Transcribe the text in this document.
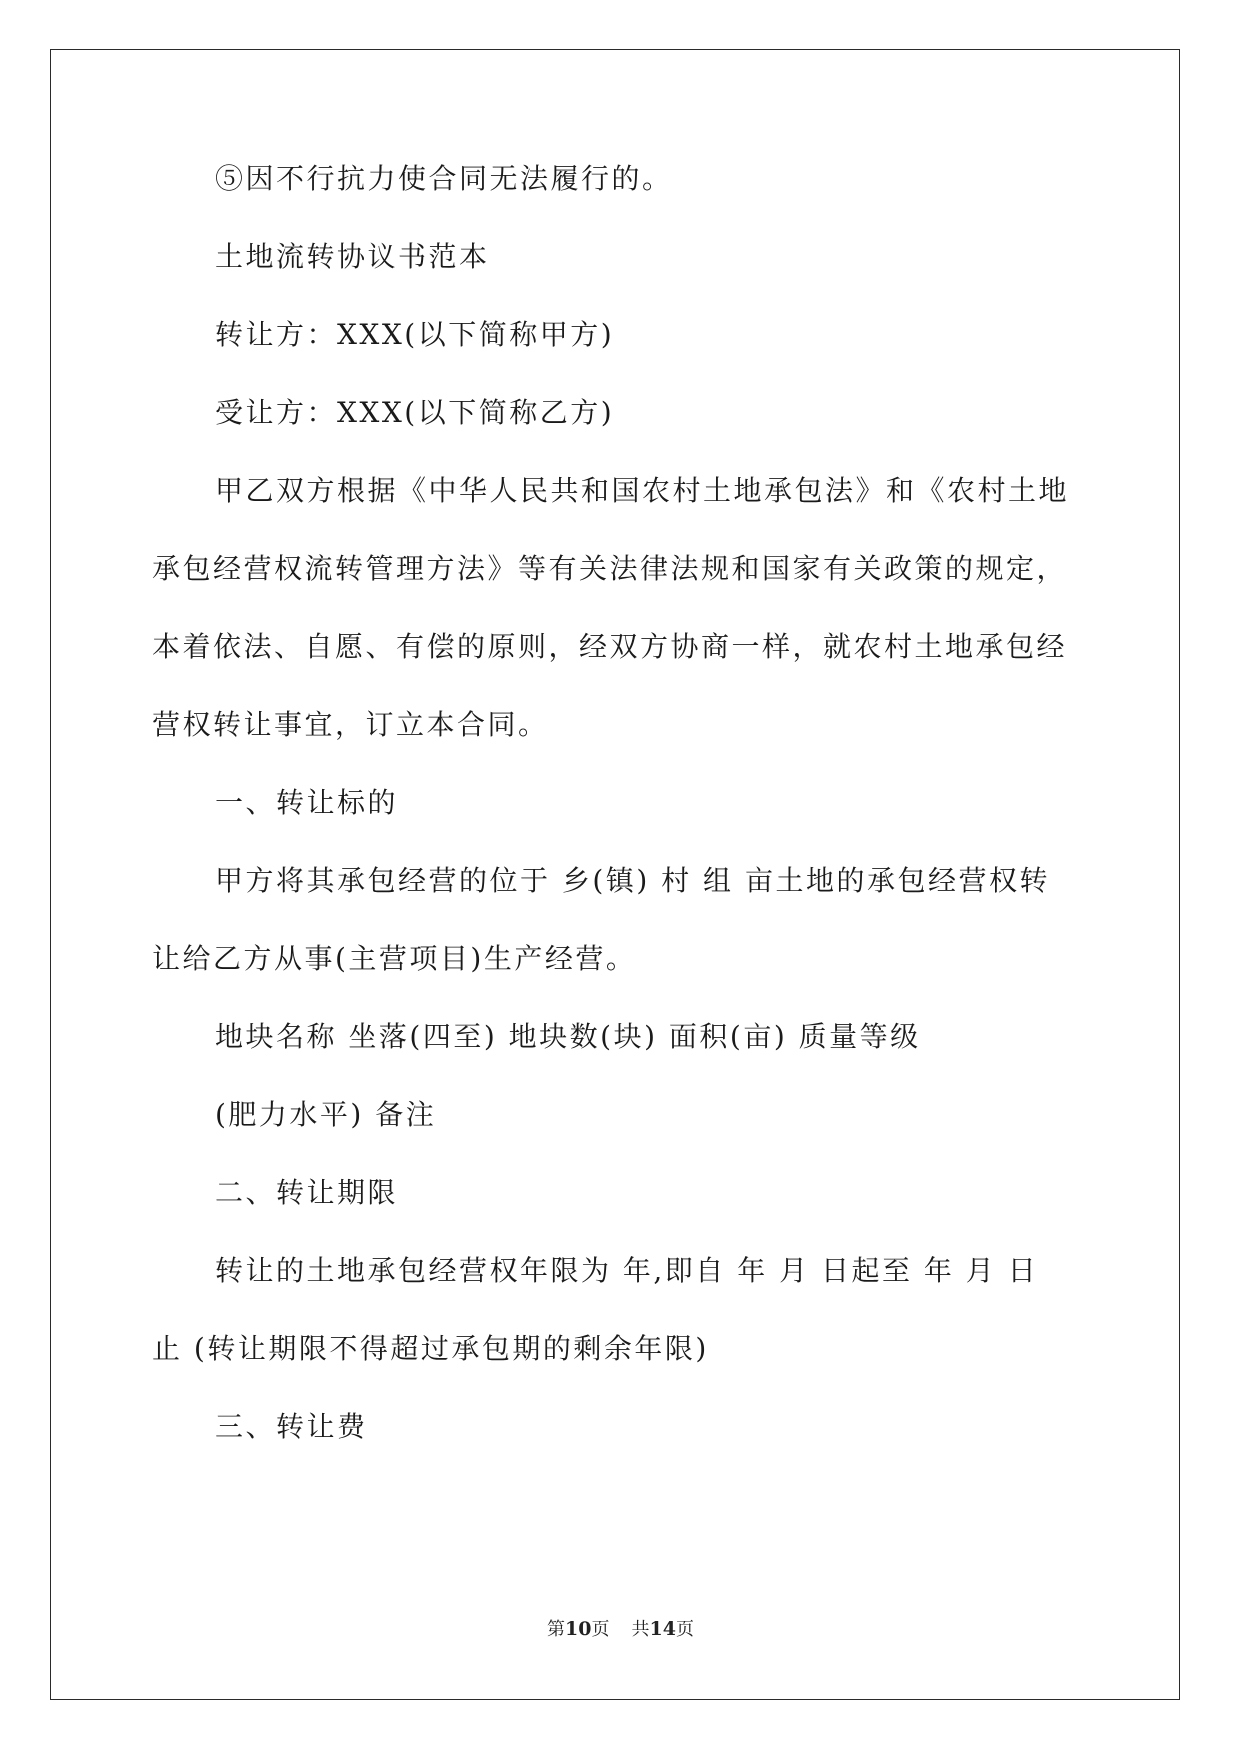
⑤因不行抗力使合同无法履行的。

土地流转协议书范本

转让方：XXX(以下简称甲方)

受让方：XXX(以下简称乙方)

甲乙双方根据《中华人民共和国农村土地承包法》和《农村土地

承包经营权流转管理方法》等有关法律法规和国家有关政策的规定，

本着依法、自愿、有偿的原则，经双方协商一样，就农村土地承包经

营权转让事宜，订立本合同。

一、转让标的

甲方将其承包经营的位于 乡(镇) 村 组 亩土地的承包经营权转

让给乙方从事(主营项目)生产经营。

地块名称 坐落(四至) 地块数(块) 面积(亩) 质量等级

(肥力水平) 备注

二、转让期限

转让的土地承包经营权年限为 年,即自 年 月 日起至 年 月 日

止 (转让期限不得超过承包期的剩余年限)

三、转让费

第10页 共14页
